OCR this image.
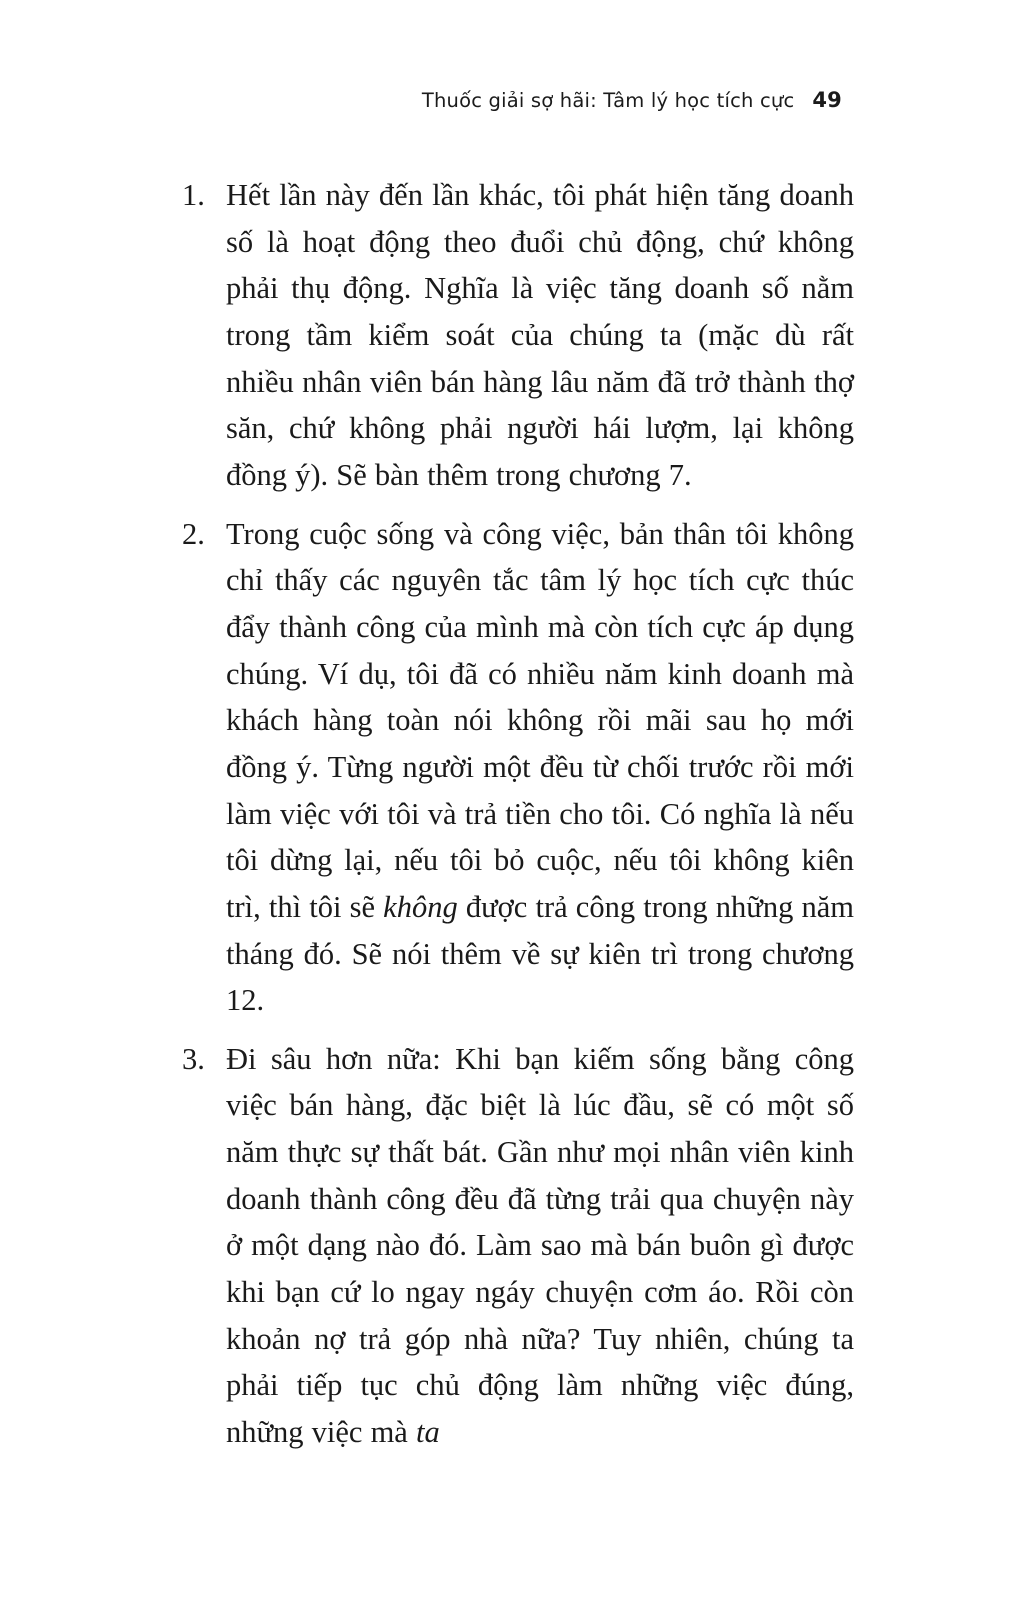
Thuốc giải sợ hãi: Tâm lý học tích cực 49
1. Hết lần này đến lần khác, tôi phát hiện tăng doanh số là hoạt động theo đuổi chủ động, chứ không phải thụ động. Nghĩa là việc tăng doanh số nằm trong tầm kiểm soát của chúng ta (mặc dù rất nhiều nhân viên bán hàng lâu năm đã trở thành thợ săn, chứ không phải người hái lượm, lại không đồng ý). Sẽ bàn thêm trong chương 7.
2. Trong cuộc sống và công việc, bản thân tôi không chỉ thấy các nguyên tắc tâm lý học tích cực thúc đẩy thành công của mình mà còn tích cực áp dụng chúng. Ví dụ, tôi đã có nhiều năm kinh doanh mà khách hàng toàn nói không rồi mãi sau họ mới đồng ý. Từng người một đều từ chối trước rồi mới làm việc với tôi và trả tiền cho tôi. Có nghĩa là nếu tôi dừng lại, nếu tôi bỏ cuộc, nếu tôi không kiên trì, thì tôi sẽ không được trả công trong những năm tháng đó. Sẽ nói thêm về sự kiên trì trong chương 12.
3. Đi sâu hơn nữa: Khi bạn kiếm sống bằng công việc bán hàng, đặc biệt là lúc đầu, sẽ có một số năm thực sự thất bát. Gần như mọi nhân viên kinh doanh thành công đều đã từng trải qua chuyện này ở một dạng nào đó. Làm sao mà bán buôn gì được khi bạn cứ lo ngay ngáy chuyện cơm áo. Rồi còn khoản nợ trả góp nhà nữa? Tuy nhiên, chúng ta phải tiếp tục chủ động làm những việc đúng, những việc mà ta
